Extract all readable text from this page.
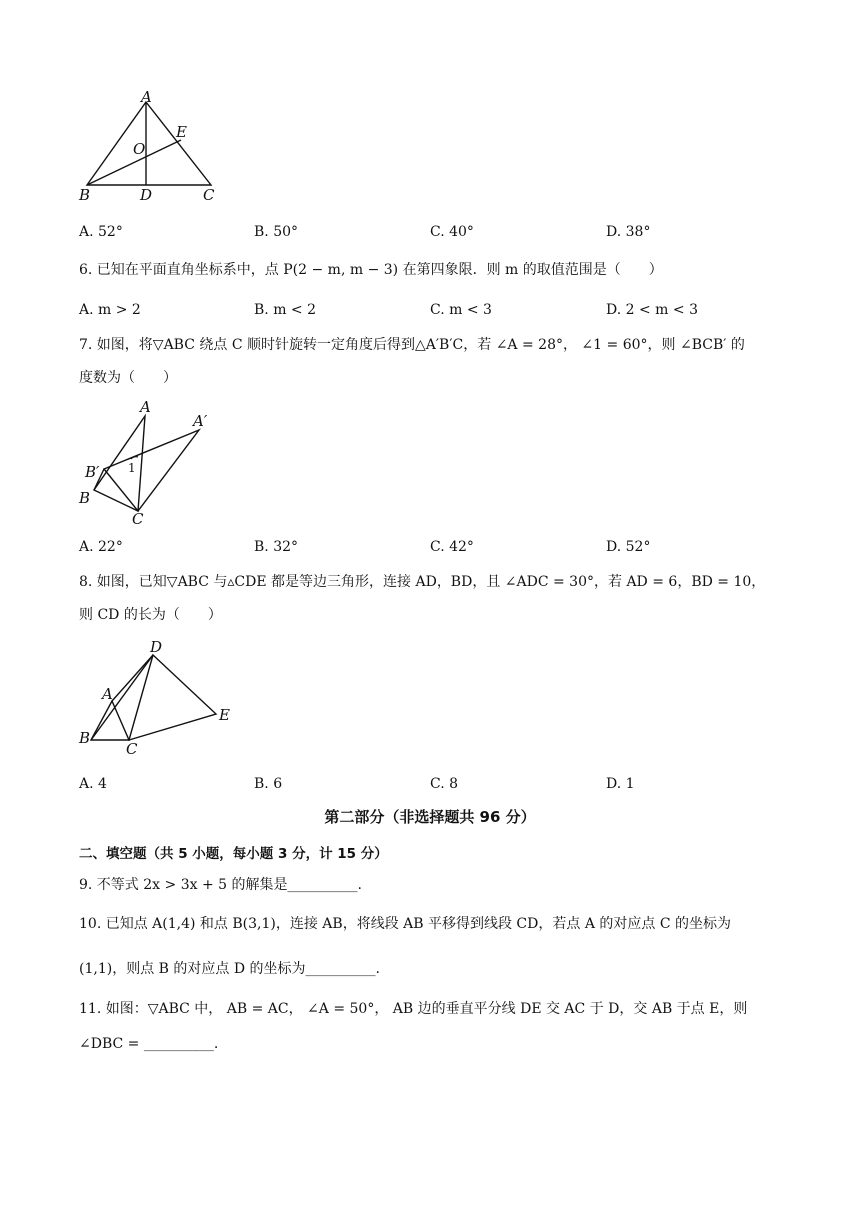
A
E
O
B	D	C
A. 52°	B. 50°	C. 40°	D. 38°
6. 已知在平面直角坐标系中，点 P(2 − m, m − 3) 在第四象限．则 m 的取值范围是（　　）
A. m > 2	B. m < 2	C. m < 3	D. 2 < m < 3
7. 如图，将▽ABC 绕点 C 顺时针旋转一定角度后得到△A′B′C，若 ∠A = 28°， ∠1 = 60°，则 ∠BCB′ 的
度数为（　　）
A
A′
B′ 1
B
C
A. 22°	B. 32°	C. 42°	D. 52°
8. 如图，已知▽ABC 与▵CDE 都是等边三角形，连接 AD，BD，且 ∠ADC = 30°，若 AD = 6，BD = 10，
则 CD 的长为（　　）
D
A
E
B
C
A. 4	B. 6	C. 8	D. 1
第二部分（非选择题共 96 分）
二、填空题（共 5 小题，每小题 3 分，计 15 分）
9. 不等式 2x > 3x + 5 的解集是__________.
10. 已知点 A(1,4) 和点 B(3,1)，连接 AB，将线段 AB 平移得到线段 CD，若点 A 的对应点 C 的坐标为
(1,1)，则点 B 的对应点 D 的坐标为__________.
11. 如图：▽ABC 中， AB = AC， ∠A = 50°， AB 边的垂直平分线 DE 交 AC 于 D，交 AB 于点 E，则
∠DBC = __________.
